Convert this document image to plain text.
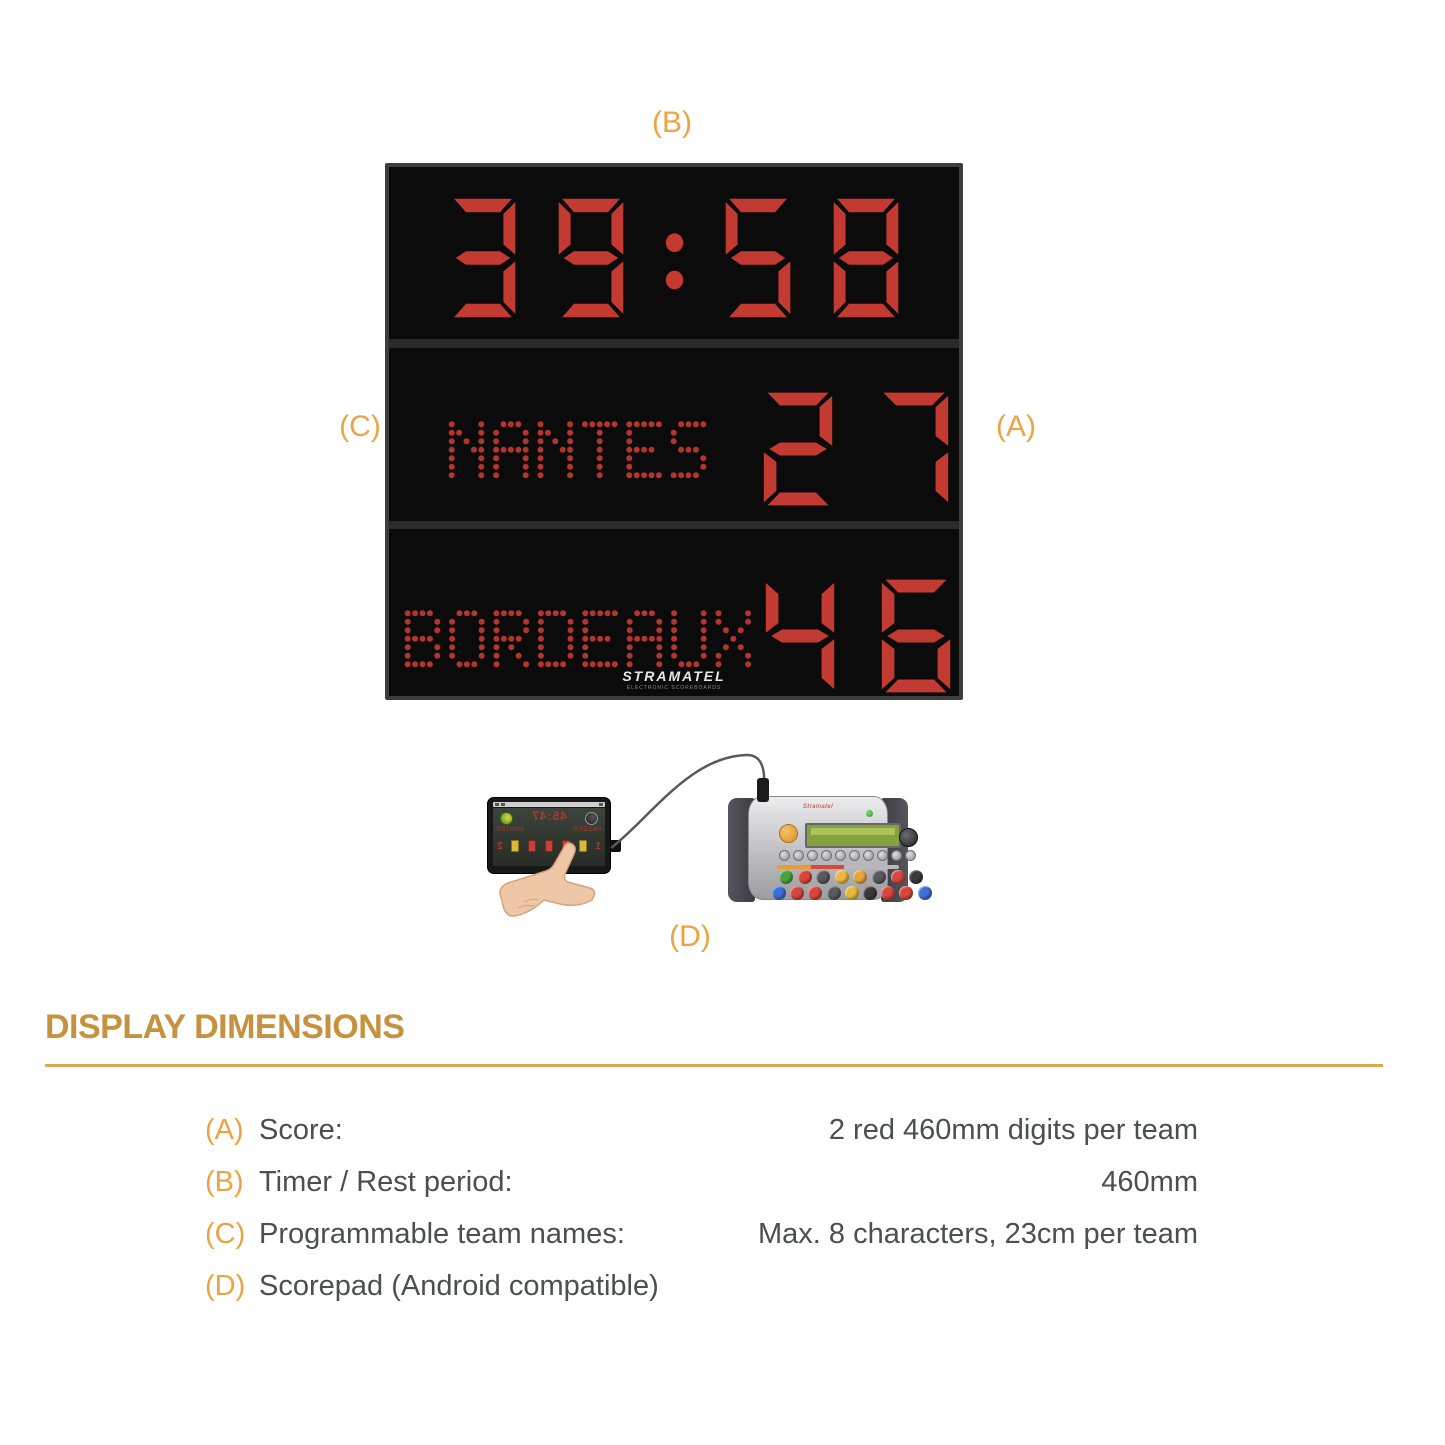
(B)
(C)	(A)
STRAMATEL
ELECTRONIC SCOREBOARDS
45:47
ANGERS
NANTES
1
2
Stramatel
(D)
DISPLAY DIMENSIONS
(A) Score:	2 red 460mm digits per team
(B) Timer / Rest period:	460mm
(C) Programmable team names:	Max. 8 characters, 23cm per team
(D) Scorepad (Android compatible)
